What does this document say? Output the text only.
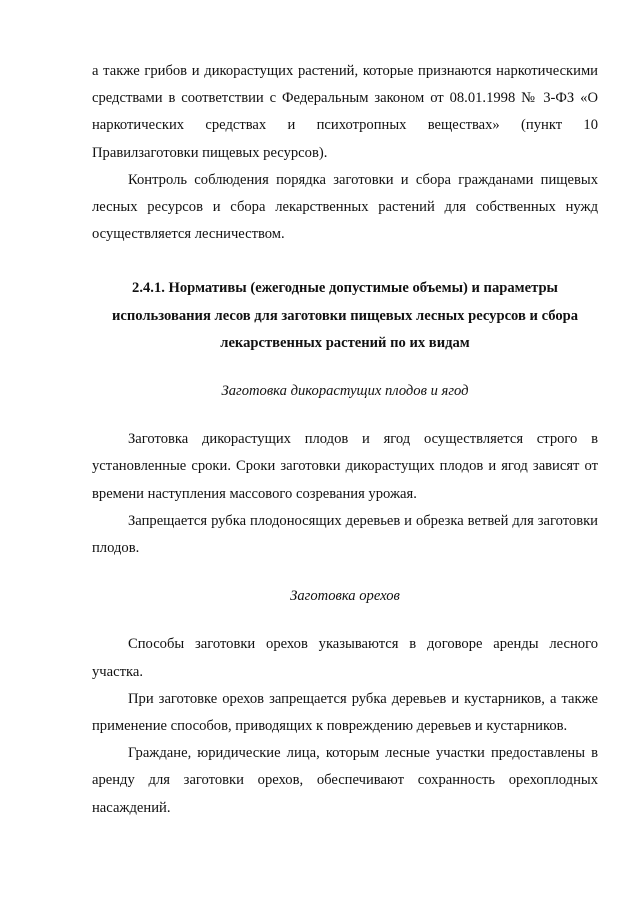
а также грибов и дикорастущих растений, которые признаются наркотическими средствами в соответствии с Федеральным законом от 08.01.1998 № 3-ФЗ «О наркотических средствах и психотропных веществах» (пункт 10 Правилзаготовки пищевых ресурсов).

Контроль соблюдения порядка заготовки и сбора гражданами пищевых лесных ресурсов и сбора лекарственных растений для собственных нужд осуществляется лесничеством.

2.4.1. Нормативы (ежегодные допустимые объемы) и параметры использования лесов для заготовки пищевых лесных ресурсов и сбора лекарственных растений по их видам

Заготовка дикорастущих плодов и ягод

Заготовка дикорастущих плодов и ягод осуществляется строго в установленные сроки. Сроки заготовки дикорастущих плодов и ягод зависят от времени наступления массового созревания урожая.

Запрещается рубка плодоносящих деревьев и обрезка ветвей для заготовки плодов.

Заготовка орехов

Способы заготовки орехов указываются в договоре аренды лесного участка.

При заготовке орехов запрещается рубка деревьев и кустарников, а также применение способов, приводящих к повреждению деревьев и кустарников.

Граждане, юридические лица, которым лесные участки предоставлены в аренду для заготовки орехов, обеспечивают сохранность орехоплодных насаждений.
